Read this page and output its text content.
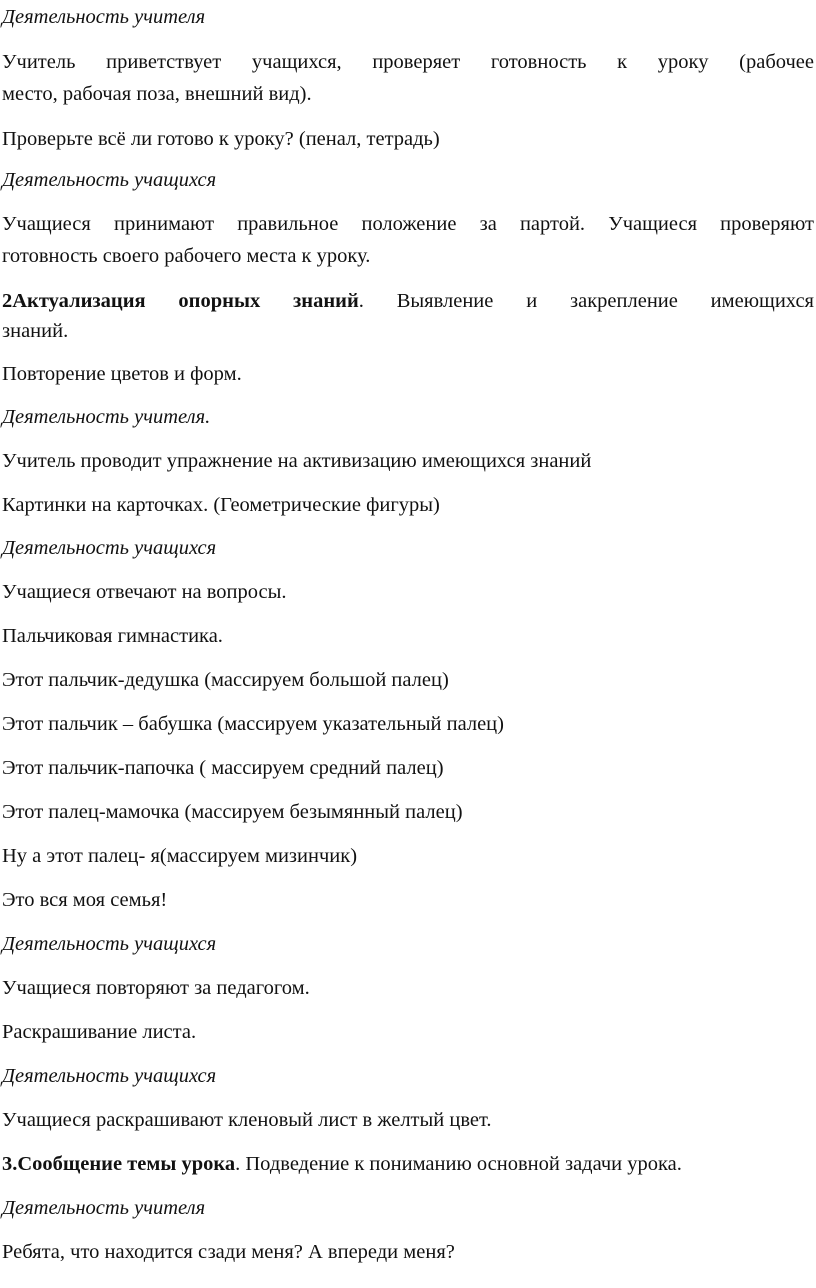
Деятельность учителя

Учитель приветствует учащихся, проверяет готовность к уроку (рабочее

место, рабочая поза, внешний вид).

Проверьте всё ли готово к уроку? (пенал, тетрадь)

Деятельность учащихся

Учащиеся принимают правильное положение за партой. Учащиеся проверяют

готовность своего рабочего места к уроку.

2Актуализация опорных знаний. Выявление и закрепление имеющихся

знаний.

Повторение цветов и форм.

Деятельность учителя.

Учитель проводит упражнение на активизацию имеющихся знаний

Картинки на карточках. (Геометрические фигуры)

Деятельность учащихся

Учащиеся отвечают на вопросы.

Пальчиковая гимнастика.

Этот пальчик-дедушка (массируем большой палец)

Этот пальчик – бабушка (массируем указательный палец)

Этот пальчик-папочка ( массируем средний палец)

Этот палец-мамочка (массируем безымянный палец)

Ну а этот палец- я(массируем мизинчик)

Это вся моя семья!

Деятельность учащихся

Учащиеся повторяют за педагогом.

Раскрашивание листа.

Деятельность учащихся

Учащиеся раскрашивают кленовый лист в желтый цвет.

3.Сообщение темы урока. Подведение к пониманию основной задачи урока.

Деятельность учителя

Ребята, что находится сзади меня? А впереди меня?
